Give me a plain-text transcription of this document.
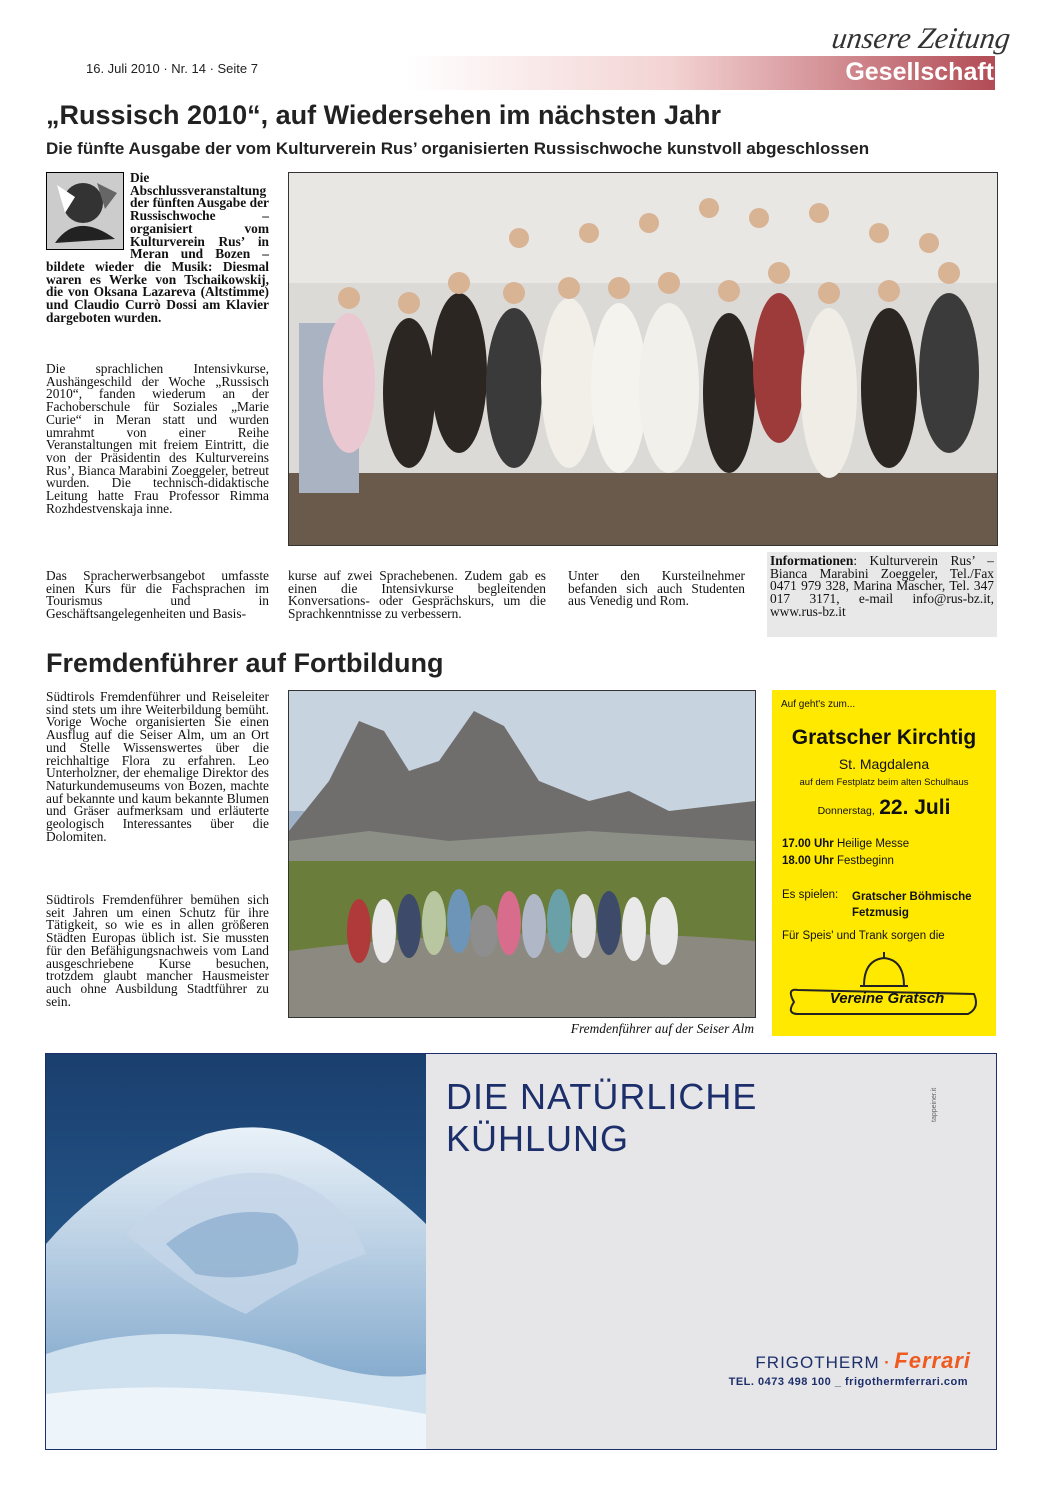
16. Juli 2010 · Nr. 14 · Seite 7
unsere Zeitung
Gesellschaft
„Russisch 2010“, auf Wiedersehen im nächsten Jahr
Die fünfte Ausgabe der vom Kulturverein Rus’ organisierten Russischwoche kunstvoll abgeschlossen
Die Abschlussveranstaltung der fünften Ausgabe der Russischwoche – organisiert vom Kulturverein Rus’ in Meran und Bozen – bildete wieder die Musik: Diesmal waren es Werke von Tschaikowskij, die von Oksana Lazareva (Altstimme) und Claudio Currò Dossi am Klavier dargeboten wurden.
Die sprachlichen Intensivkurse, Aushängeschild der Woche „Russisch 2010“, fanden wiederum an der Fachoberschule für Soziales „Marie Curie“ in Meran statt und wurden umrahmt von einer Reihe Veranstaltungen mit freiem Eintritt, die von der Präsidentin des Kulturvereins Rus’, Bianca Marabini Zoeggeler, betreut wurden. Die technisch-didaktische Leitung hatte Frau Professor Rimma Rozhdestvenskaja inne.
Das Spracherwerbsangebot umfasste einen Kurs für die Fachsprachen im Tourismus und in Geschäftsangelegenheiten und Basis-
kurse auf zwei Sprachebenen. Zudem gab es einen die Intensivkurse begleitenden Konversations- oder Gesprächskurs, um die Sprachkenntnisse zu verbessern.
Unter den Kursteilnehmer befanden sich auch Studenten aus Venedig und Rom.
Informationen: Kulturverein Rus’ – Bianca Marabini Zoeggeler, Tel./Fax 0471 979 328, Marina Mascher, Tel. 347 017 3171, e-mail info@rus-bz.it, www.rus-bz.it
Fremdenführer auf Fortbildung
Südtirols Fremdenführer und Reiseleiter sind stets um ihre Weiterbildung bemüht. Vorige Woche organisierten Sie einen Ausflug auf die Seiser Alm, um an Ort und Stelle Wissenswertes über die reichhaltige Flora zu erfahren. Leo Unterholzner, der ehemalige Direktor des Naturkundemuseums von Bozen, machte auf bekannte und kaum bekannte Blumen und Gräser aufmerksam und erläuterte geologisch Interessantes über die Dolomiten.
Südtirols Fremdenführer bemühen sich seit Jahren um einen Schutz für ihre Tätigkeit, so wie es in allen größeren Städten Europas üblich ist. Sie mussten für den Befähigungsnachweis vom Land ausgeschriebene Kurse besuchen, trotzdem glaubt mancher Hausmeister auch ohne Ausbildung Stadtführer zu sein.
Fremdenführer auf der Seiser Alm
Auf geht's zum...
Gratscher Kirchtig
St. Magdalena
auf dem Festplatz beim alten Schulhaus
Donnerstag, 22. Juli
17.00 Uhr Heilige Messe
18.00 Uhr Festbeginn
Es spielen: Gratscher Böhmische Fetzmusig
Für Speis' und Trank sorgen die
Vereine Gratsch
DIE NATÜRLICHE
KÜHLUNG
tappeiner.it
FRIGOTHERM · Ferrari
TEL. 0473 498 100 _ frigothermferrari.com
